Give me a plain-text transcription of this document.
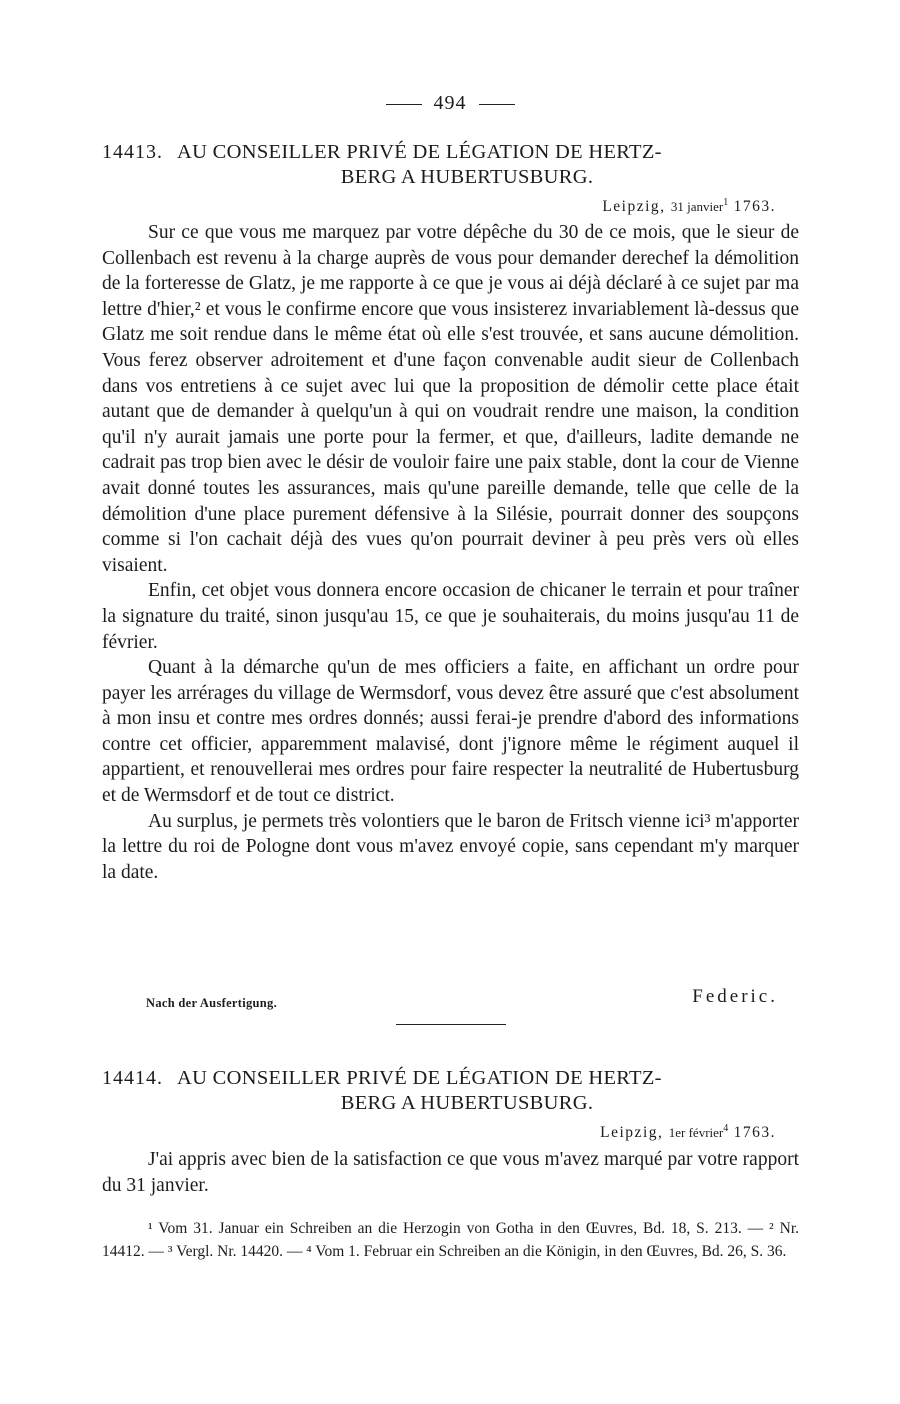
494
14413. AU CONSEILLER PRIVÉ DE LÉGATION DE HERTZ-
BERG A HUBERTUSBURG.
Leipzig, 31 janvier$^1$ 1763.

Sur ce que vous me marquez par votre dépêche du 30 de ce mois, que le sieur de Collenbach est revenu à la charge auprès de vous pour demander derechef la démolition de la forteresse de Glatz, je me rapporte à ce que je vous ai déjà déclaré à ce sujet par ma lettre d'hier,² et vous le confirme encore que vous insisterez invariablement là-dessus que Glatz me soit rendue dans le même état où elle s'est trouvée, et sans aucune démolition. Vous ferez observer adroitement et d'une façon convenable audit sieur de Collenbach dans vos entretiens à ce sujet avec lui que la proposition de démolir cette place était autant que de demander à quelqu'un à qui on voudrait rendre une maison, la condition qu'il n'y aurait jamais une porte pour la fermer, et que, d'ailleurs, ladite demande ne cadrait pas trop bien avec le désir de vouloir faire une paix stable, dont la cour de Vienne avait donné toutes les assurances, mais qu'une pareille demande, telle que celle de la démolition d'une place purement défensive à la Silésie, pourrait donner des soupçons comme si l'on cachait déjà des vues qu'on pourrait deviner à peu près vers où elles visaient.

Enfin, cet objet vous donnera encore occasion de chicaner le terrain et pour traîner la signature du traité, sinon jusqu'au 15, ce que je souhaiterais, du moins jusqu'au 11 de février.

Quant à la démarche qu'un de mes officiers a faite, en affichant un ordre pour payer les arrérages du village de Wermsdorf, vous devez être assuré que c'est absolument à mon insu et contre mes ordres donnés; aussi ferai-je prendre d'abord des informations contre cet officier, apparemment malavisé, dont j'ignore même le régiment auquel il appartient, et renouvellerai mes ordres pour faire respecter la neutralité de Hubertusburg et de Wermsdorf et de tout ce district.

Au surplus, je permets très volontiers que le baron de Fritsch vienne ici³ m'apporter la lettre du roi de Pologne dont vous m'avez envoyé copie, sans cependant m'y marquer la date.

Nach der Ausfertigung.	Federic.
14414. AU CONSEILLER PRIVÉ DE LÉGATION DE HERTZ-
BERG A HUBERTUSBURG.
Leipzig, 1er février$^4$ 1763.

J'ai appris avec bien de la satisfaction ce que vous m'avez marqué par votre rapport du 31 janvier.

¹ Vom 31. Januar ein Schreiben an die Herzogin von Gotha in den Œuvres, Bd. 18, S. 213. — ² Nr. 14412. — ³ Vergl. Nr. 14420. — ⁴ Vom 1. Februar ein Schreiben an die Königin, in den Œuvres, Bd. 26, S. 36.
